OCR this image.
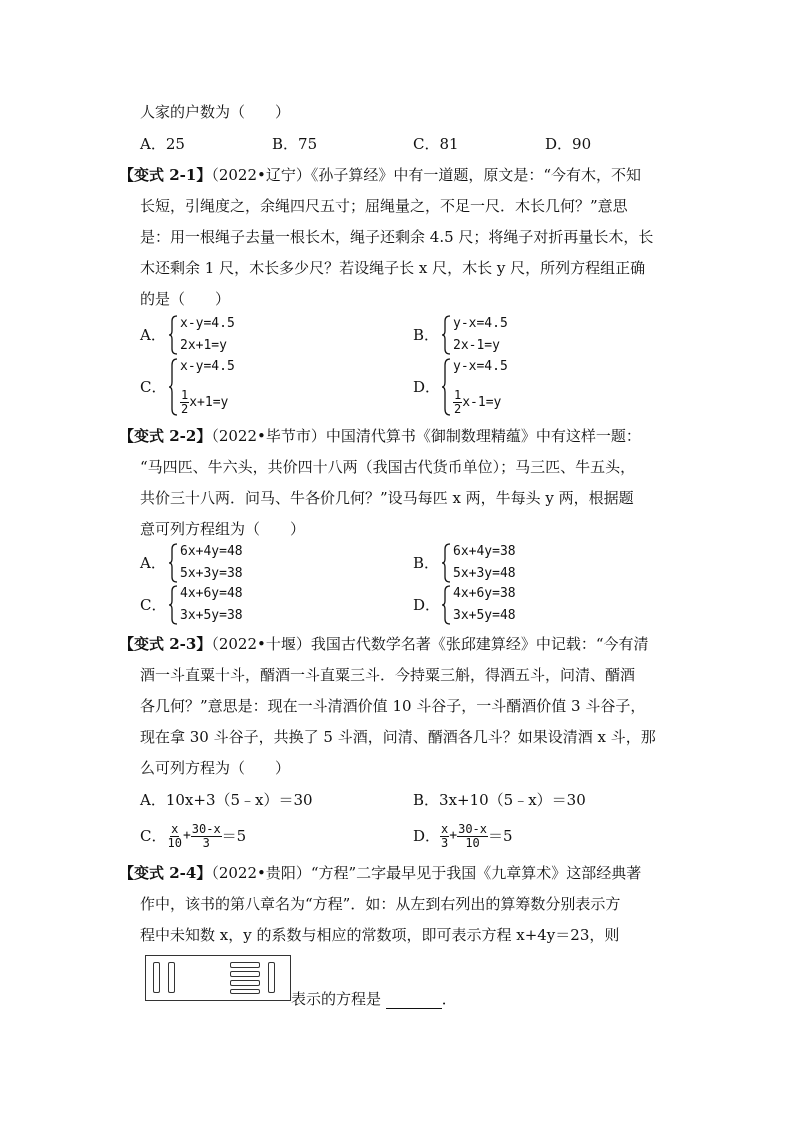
人家的户数为（　　）
A．25	B．75	C．81	D．90
【变式 2-1】（2022•辽宁）《孙子算经》中有一道题，原文是：“今有木，不知
长短，引绳度之，余绳四尺五寸；屈绳量之，不足一尺．木长几何？”意思
是：用一根绳子去量一根长木，绳子还剩余 4.5 尺；将绳子对折再量长木，长
木还剩余 1 尺，木长多少尺？若设绳子长 x 尺，木长 y 尺，所列方程组正确
的是（　　）
A．
x-y=4.5
2x+1=y
B．
y-x=4.5
2x-1=y
C．
x-y=4.5
$\frac{1}{2} x+1=y$
D．
y-x=4.5
$\frac{1}{2} x-1=y$
【变式 2-2】（2022•毕节市）中国清代算书《御制数理精蕴》中有这样一题：
“马四匹、牛六头，共价四十八两（我国古代货币单位）；马三匹、牛五头，
共价三十八两．问马、牛各价几何？”设马每匹 x 两，牛每头 y 两，根据题
意可列方程组为（　　）
A．
6x+4y=48
5x+3y=38
B．
6x+4y=38
5x+3y=48
C．
4x+6y=48
3x+5y=38
D．
4x+6y=38
3x+5y=48
【变式 2-3】（2022•十堰）我国古代数学名著《张邱建算经》中记载：“今有清
酒一斗直粟十斗，醑酒一斗直粟三斗．今持粟三斛，得酒五斗，问清、醑酒
各几何？”意思是：现在一斗清酒价值 10 斗谷子，一斗醑酒价值 3 斗谷子，
现在拿 30 斗谷子，共换了 5 斗酒，问清、醑酒各几斗？如果设清酒 x 斗，那
么可列方程为（　　）
A．10x+3（5﹣x）＝30	B．3x+10（5﹣x）＝30
C． $\frac{x}{10} + \frac{30-x}{3} =5$	D． $\frac{x}{3} + \frac{30-x}{10} =5$
【变式 2-4】（2022•贵阳）“方程”二字最早见于我国《九章算术》这部经典著
作中，该书的第八章名为“方程”．如：从左到右列出的算筹数分别表示方
程中未知数 x，y 的系数与相应的常数项，即可表示方程 x+4y＝23，则
表示的方程是	．
